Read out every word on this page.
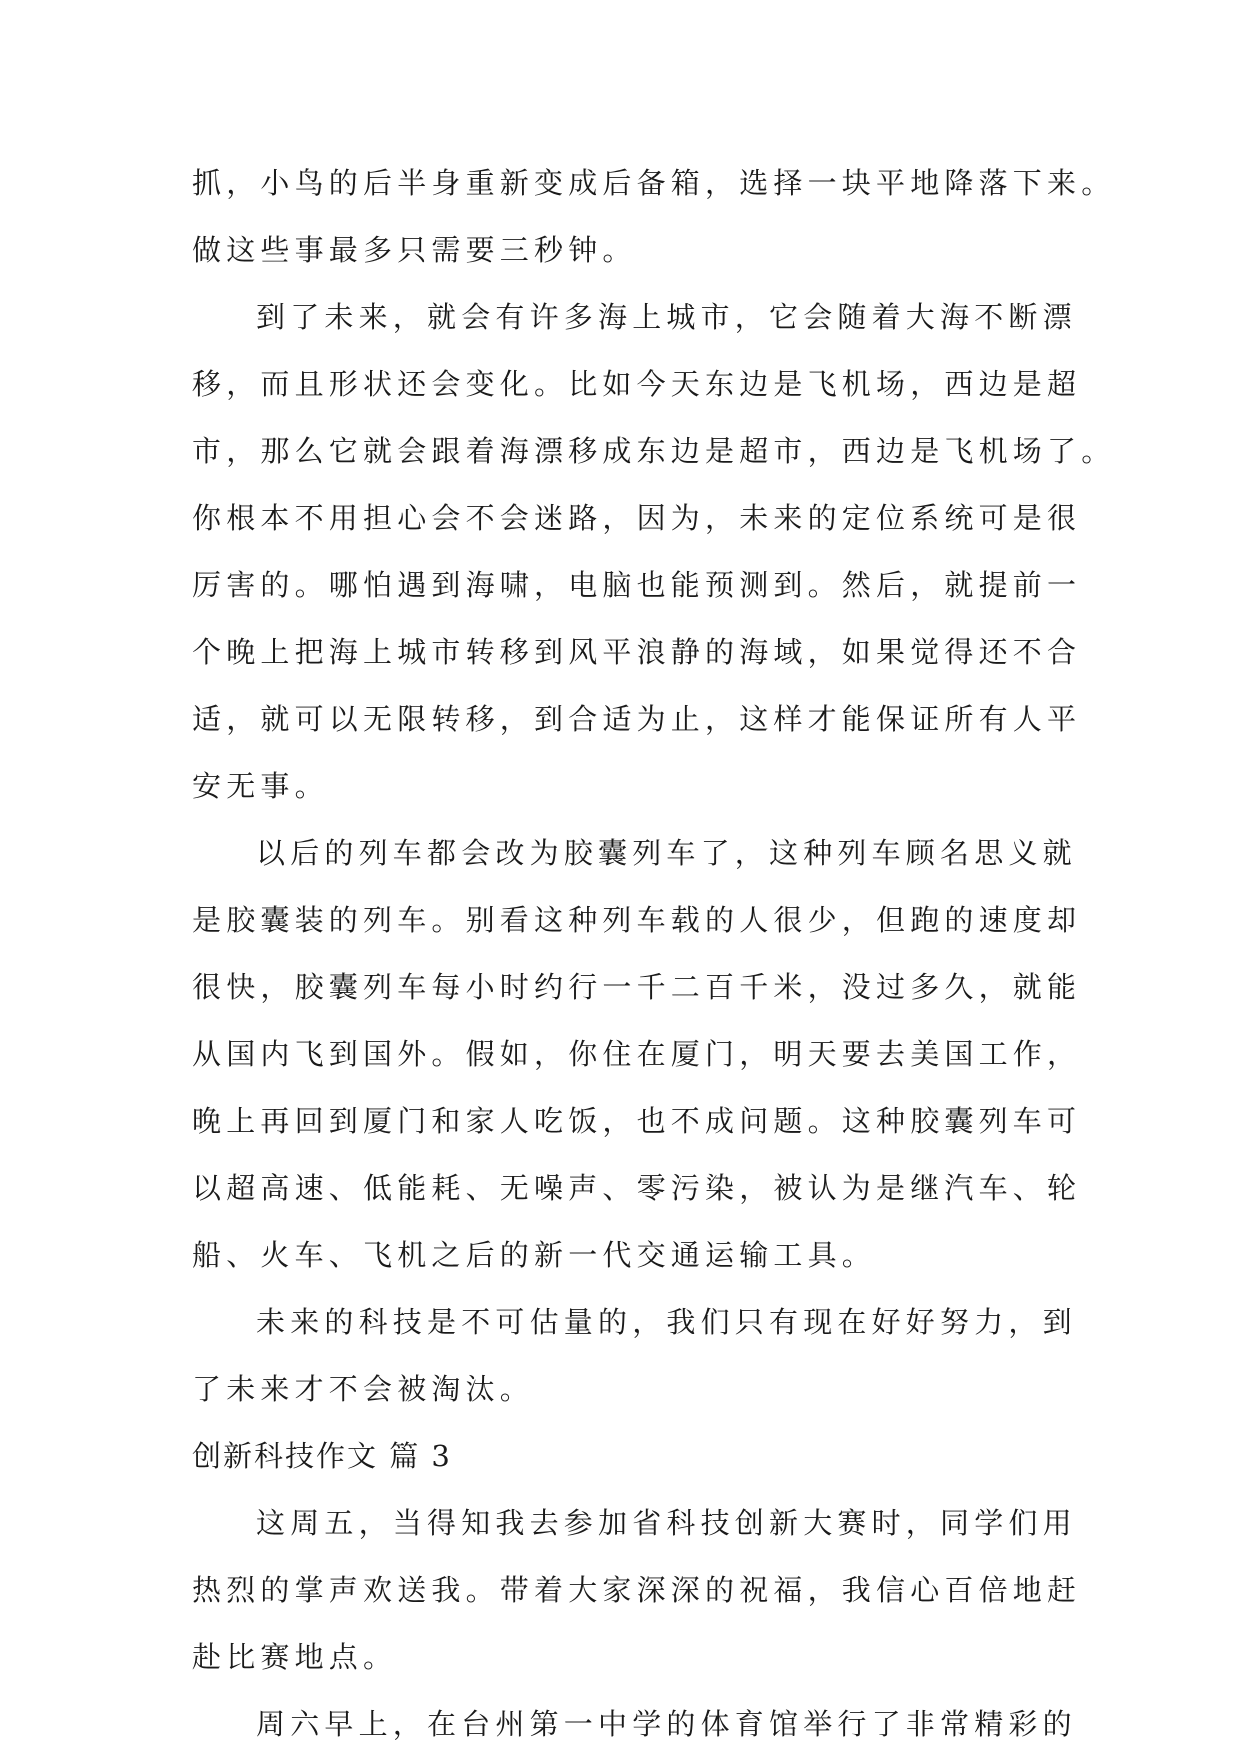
抓，小鸟的后半身重新变成后备箱，选择一块平地降落下来。
做这些事最多只需要三秒钟。
到了未来，就会有许多海上城市，它会随着大海不断漂
移，而且形状还会变化。比如今天东边是飞机场，西边是超
市，那么它就会跟着海漂移成东边是超市，西边是飞机场了。
你根本不用担心会不会迷路，因为，未来的定位系统可是很
厉害的。哪怕遇到海啸，电脑也能预测到。然后，就提前一
个晚上把海上城市转移到风平浪静的海域，如果觉得还不合
适，就可以无限转移，到合适为止，这样才能保证所有人平
安无事。
以后的列车都会改为胶囊列车了，这种列车顾名思义就
是胶囊装的列车。别看这种列车载的人很少，但跑的速度却
很快，胶囊列车每小时约行一千二百千米，没过多久，就能
从国内飞到国外。假如，你住在厦门，明天要去美国工作，
晚上再回到厦门和家人吃饭，也不成问题。这种胶囊列车可
以超高速、低能耗、无噪声、零污染，被认为是继汽车、轮
船、火车、飞机之后的新一代交通运输工具。
未来的科技是不可估量的，我们只有现在好好努力，到
了未来才不会被淘汰。
创新科技作文 篇 3
这周五，当得知我去参加省科技创新大赛时，同学们用
热烈的掌声欢送我。带着大家深深的祝福，我信心百倍地赶
赴比赛地点。
周六早上，在台州第一中学的体育馆举行了非常精彩的
